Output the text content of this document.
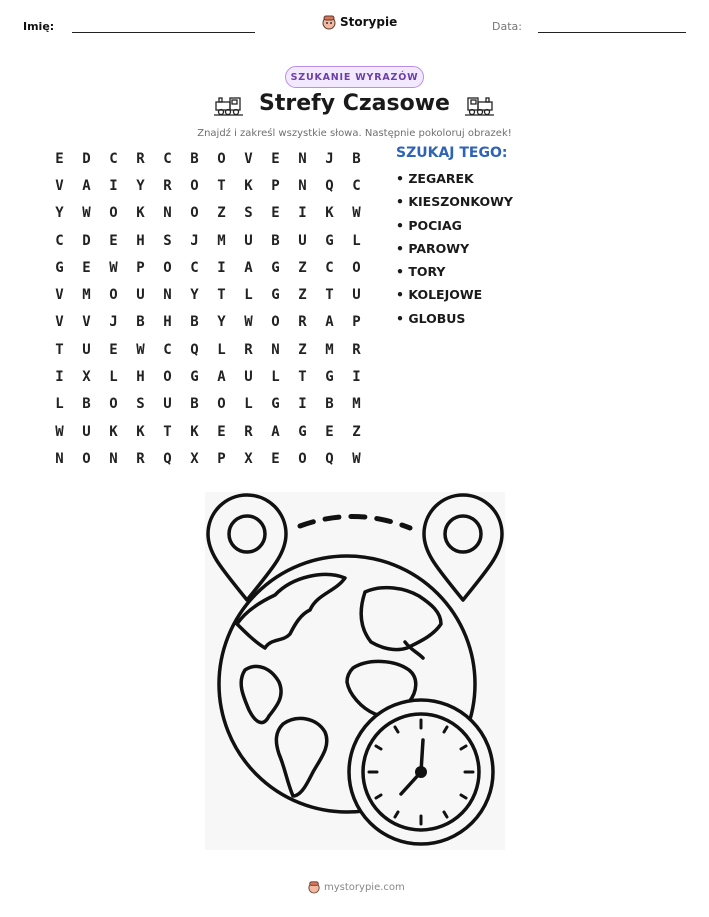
Imię:	Storypie	Data:
SZUKANIE WYRAZÓW
Strefy Czasowe
Znajdź i zakreśl wszystkie słowa. Następnie pokoloruj obrazek!
E	D	C	R	C	B	O	V	E	N	J	B
V	A	I	Y	R	O	T	K	P	N	Q	C
Y	W	O	K	N	O	Z	S	E	I	K	W
C	D	E	H	S	J	M	U	B	U	G	L
G	E	W	P	O	C	I	A	G	Z	C	O
V	M	O	U	N	Y	T	L	G	Z	T	U
V	V	J	B	H	B	Y	W	O	R	A	P
T	U	E	W	C	Q	L	R	N	Z	M	R
I	X	L	H	O	G	A	U	L	T	G	I
L	B	O	S	U	B	O	L	G	I	B	M
W	U	K	K	T	K	E	R	A	G	E	Z
N	O	N	R	Q	X	P	X	E	O	Q	W
SZUKAJ TEGO:
• ZEGAREK
• KIESZONKOWY
• POCIAG
• PAROWY
• TORY
• KOLEJOWE
• GLOBUS
mystorypie.com
